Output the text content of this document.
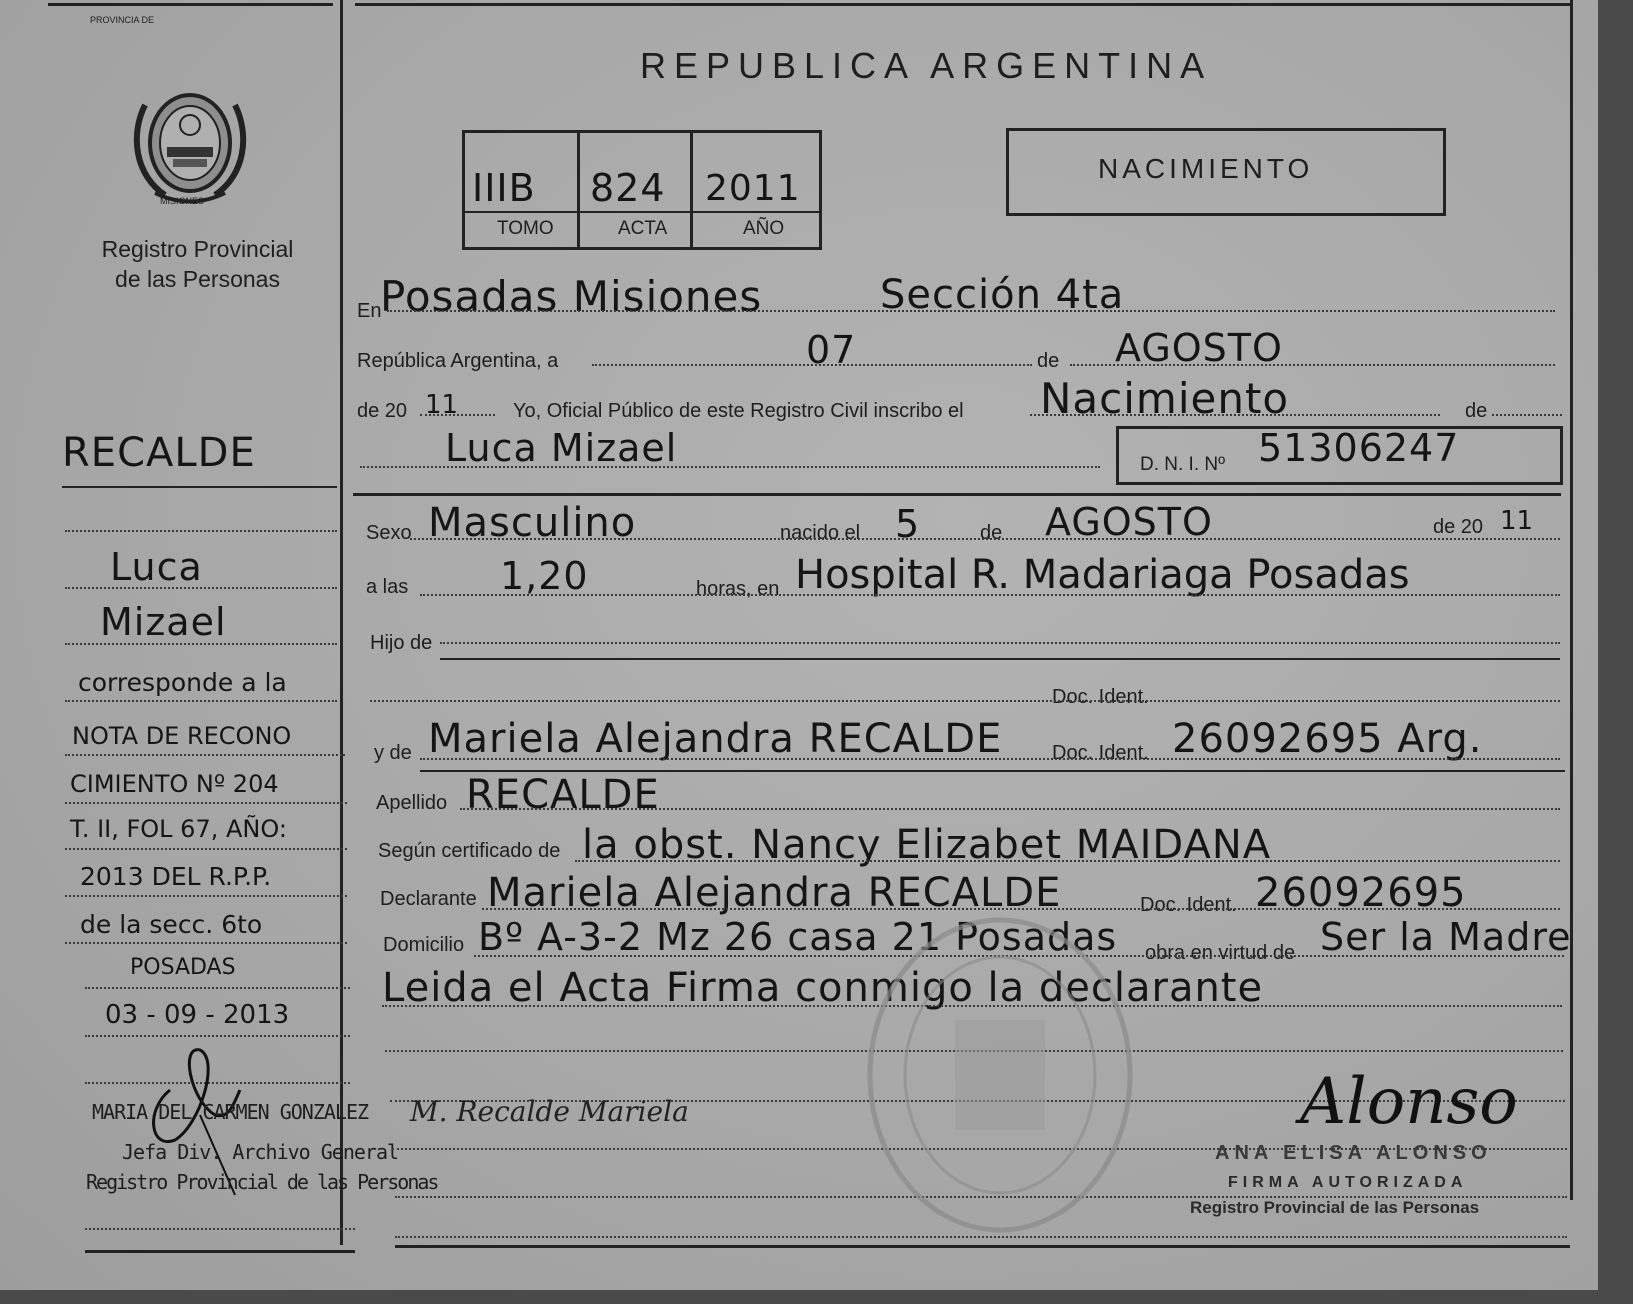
PROVINCIA DE
MISIONES
Registro Provincial
de las Personas
RECALDE
Luca
Mizael
corresponde a la
NOTA DE RECONO
CIMIENTO Nº 204
T. II, FOL 67, AÑO:
2013 DEL R.P.P.
de la secc. 6to
POSADAS
03 - 09 - 2013
MARIA DEL CARMEN GONZALEZ
Jefa Div. Archivo General
Registro Provincial de las Personas
REPUBLICA ARGENTINA
IIIB 824 2011
TOMO	ACTA	AÑO
NACIMIENTO
En
Posadas Misiones	Sección 4ta
República Argentina, a	07	de AGOSTO
de 20 11	Yo, Oficial Público de este Registro Civil inscribo el Nacimiento	de
Luca Mizael	D. N. I. Nº 51306247
Sexo Masculino	nacido el 5	de AGOSTO	de 20 11
a las 1,20	horas, en Hospital R. Madariaga Posadas
Hijo de
Doc. Ident.
y de Mariela Alejandra RECALDE Doc. Ident. 26092695 Arg.
Apellido RECALDE
Según certificado de la obst. Nancy Elizabet MAIDANA
Declarante Mariela Alejandra RECALDE	Doc. Ident. 26092695
Domicilio Bº A-3-2 Mz 26 casa 21 Posadas obra en virtud de Ser la Madre
Leida el Acta Firma conmigo la declarante
M. Recalde Mariela	Alonso
ANA ELISA ALONSO
FIRMA AUTORIZADA
Registro Provincial de las Personas
